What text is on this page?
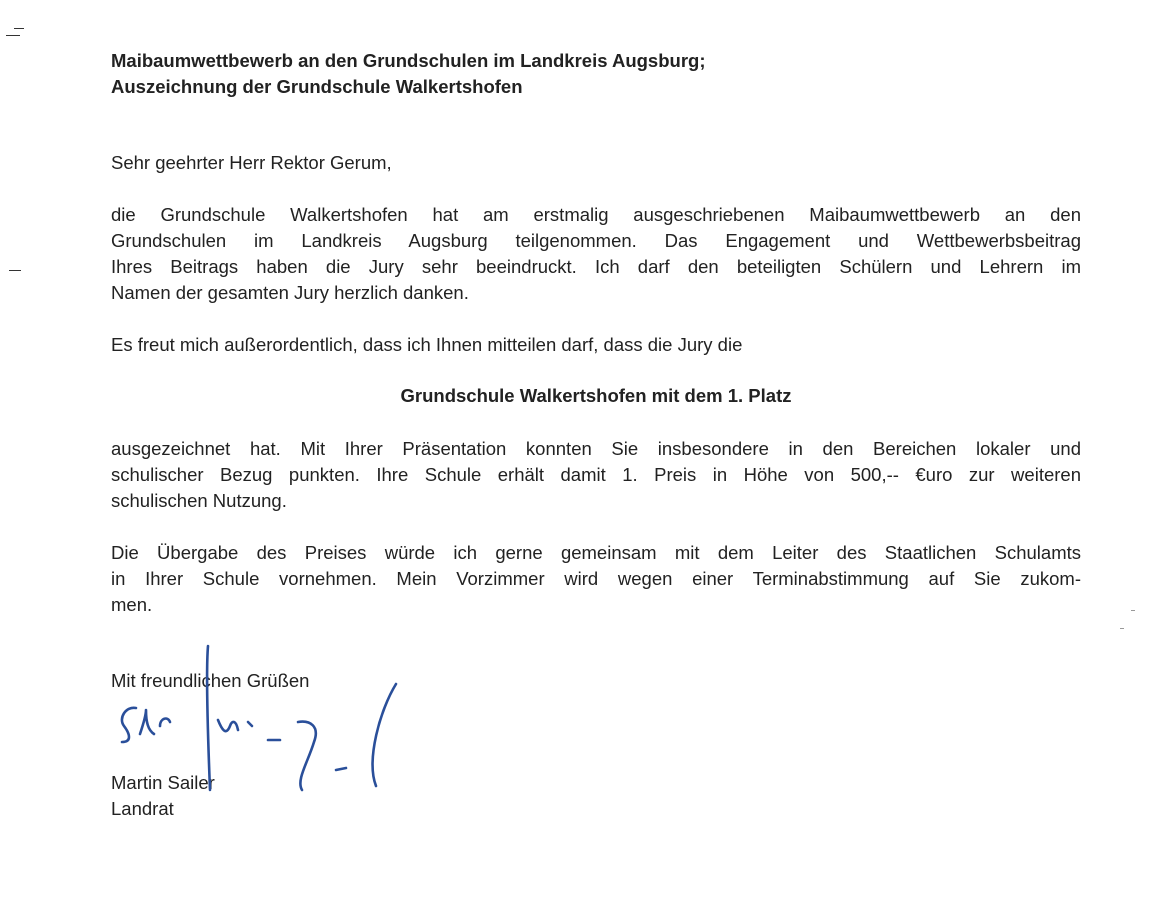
Maibaumwettbewerb an den Grundschulen im Landkreis Augsburg;
Auszeichnung der Grundschule Walkertshofen
Sehr geehrter Herr Rektor Gerum,
die Grundschule Walkertshofen hat am erstmalig ausgeschriebenen Maibaumwettbewerb an den
Grundschulen im Landkreis Augsburg teilgenommen. Das Engagement und Wettbewerbsbeitrag
Ihres Beitrags haben die Jury sehr beeindruckt. Ich darf den beteiligten Schülern und Lehrern im
Namen der gesamten Jury herzlich danken.
Es freut mich außerordentlich, dass ich Ihnen mitteilen darf, dass die Jury die
Grundschule Walkertshofen mit dem 1. Platz
ausgezeichnet hat. Mit Ihrer Präsentation konnten Sie insbesondere in den Bereichen lokaler und
schulischer Bezug punkten. Ihre Schule erhält damit 1. Preis in Höhe von 500,-- €uro zur weiteren
schulischen Nutzung.
Die Übergabe des Preises würde ich gerne gemeinsam mit dem Leiter des Staatlichen Schulamts
in Ihrer Schule vornehmen. Mein Vorzimmer wird wegen einer Terminabstimmung auf Sie zukom-
men.
Mit freundlichen Grüßen
Martin Sailer
Landrat
